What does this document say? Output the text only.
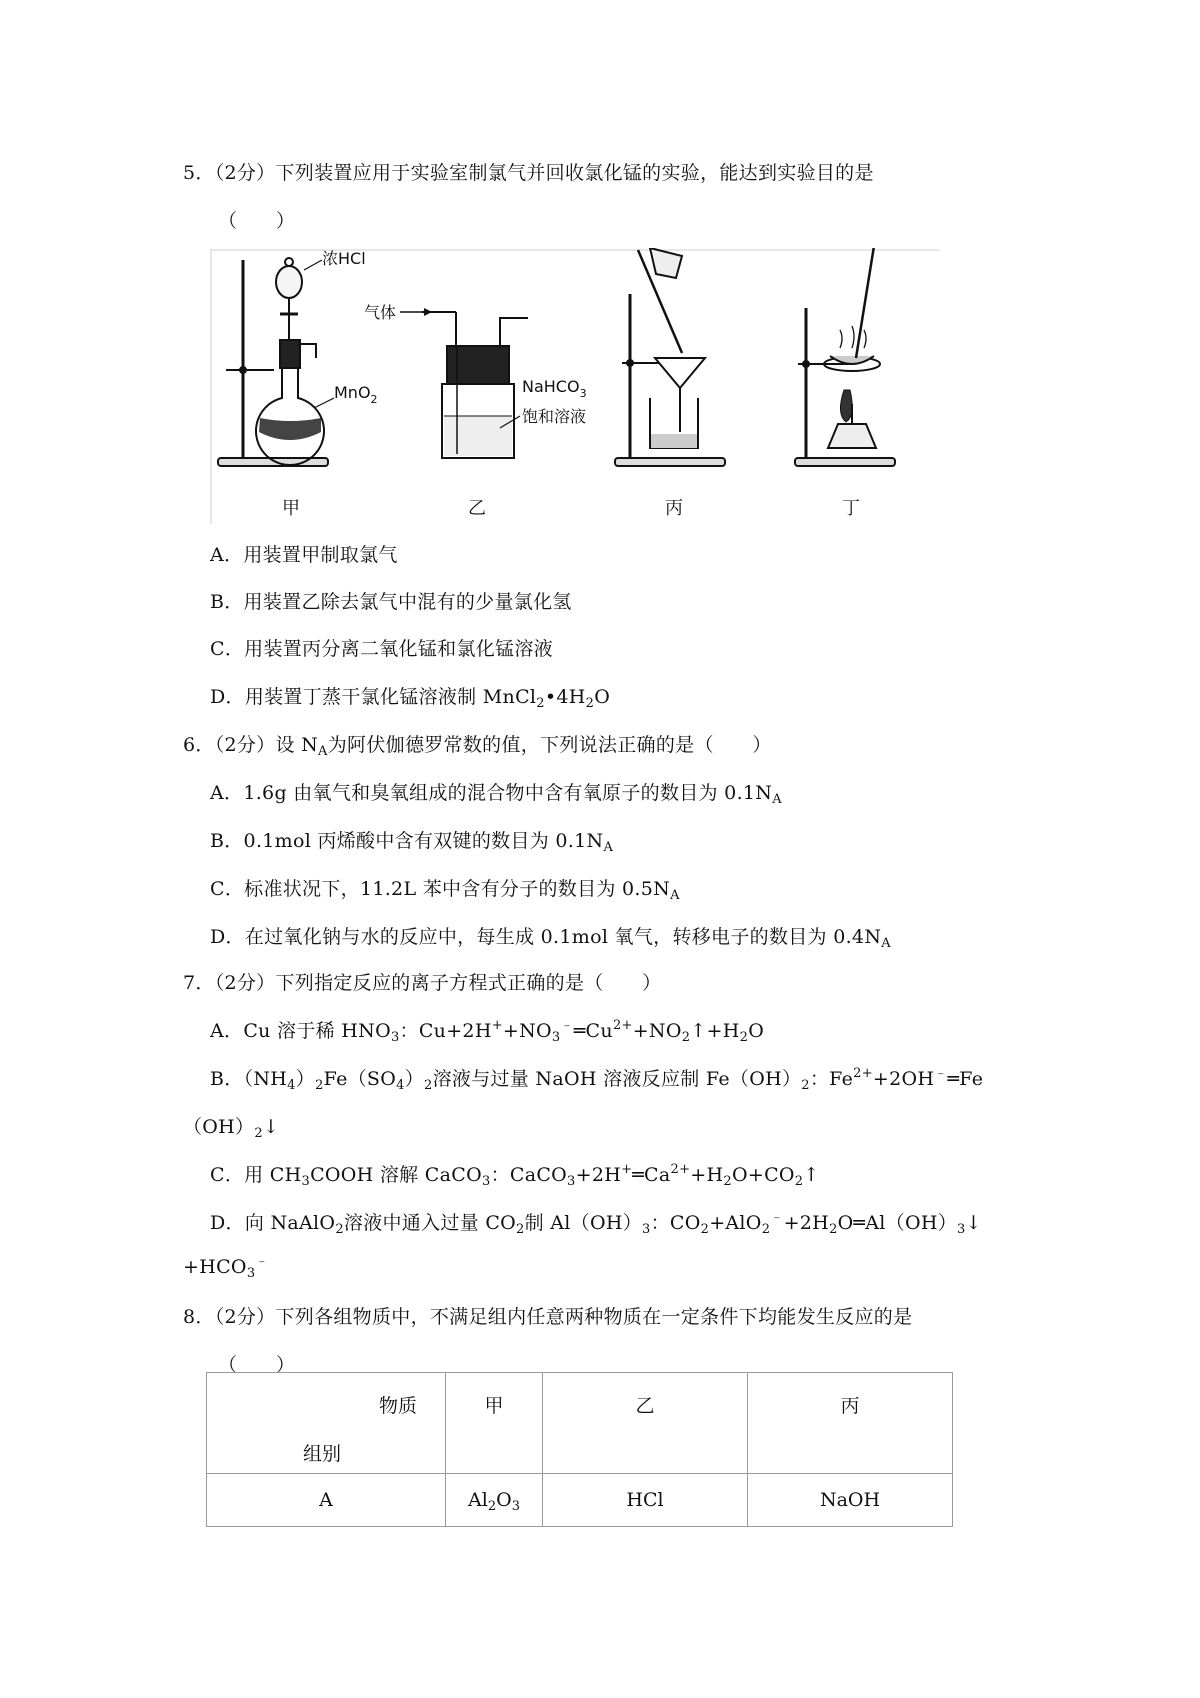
5．（2分）下列装置应用于实验室制氯气并回收氯化锰的实验，能达到实验目的是
（　　）
浓HCl
MnO$_2$
气体
NaHCO$_3$
饱和溶液
甲	乙	丙	丁
A．用装置甲制取氯气
B．用装置乙除去氯气中混有的少量氯化氢
C．用装置丙分离二氧化锰和氯化锰溶液
D．用装置丁蒸干氯化锰溶液制 $MnCl_2•4H_2O$
6．（2分）设 $N_A$为阿伏伽德罗常数的值，下列说法正确的是（　　）
A．1.6g 由氧气和臭氧组成的混合物中含有氧原子的数目为 $0.1N_A$
B．0.1mol 丙烯酸中含有双键的数目为 $0.1N_A$
C．标准状况下，11.2L 苯中含有分子的数目为 $0.5N_A$
D．在过氧化钠与水的反应中，每生成 0.1mol 氧气，转移电子的数目为 $0.4N_A$
7．（2分）下列指定反应的离子方程式正确的是（　　）
A．Cu 溶于稀 $HNO_3$：$Cu+2H^++NO_3^﹣═Cu^{2+}+NO_2↑+H_2O$
B．$(NH_4)_2Fe(SO_4)_2$溶液与过量 NaOH 溶液反应制 $Fe(OH)_2$：$Fe^{2+}+2OH^﹣═Fe$
$(OH)_2↓$
C．用 $CH_3COOH$ 溶解 CaCO$_3$：$CaCO_3+2H^+═Ca^{2+}+H_2O+CO_2↑$
D．向 NaAlO$_2$溶液中通入过量 $CO_2$制 $Al(OH)_3$：$CO_2+AlO_2^﹣+2H_2O═Al(OH)_3↓$
$+HCO_3^﹣$
8．（2分）下列各组物质中，不满足组内任意两种物质在一定条件下均能发生反应的是
（　　）
物质
组别	甲	乙	丙
A	$Al_2O_3$	HCl	NaOH
